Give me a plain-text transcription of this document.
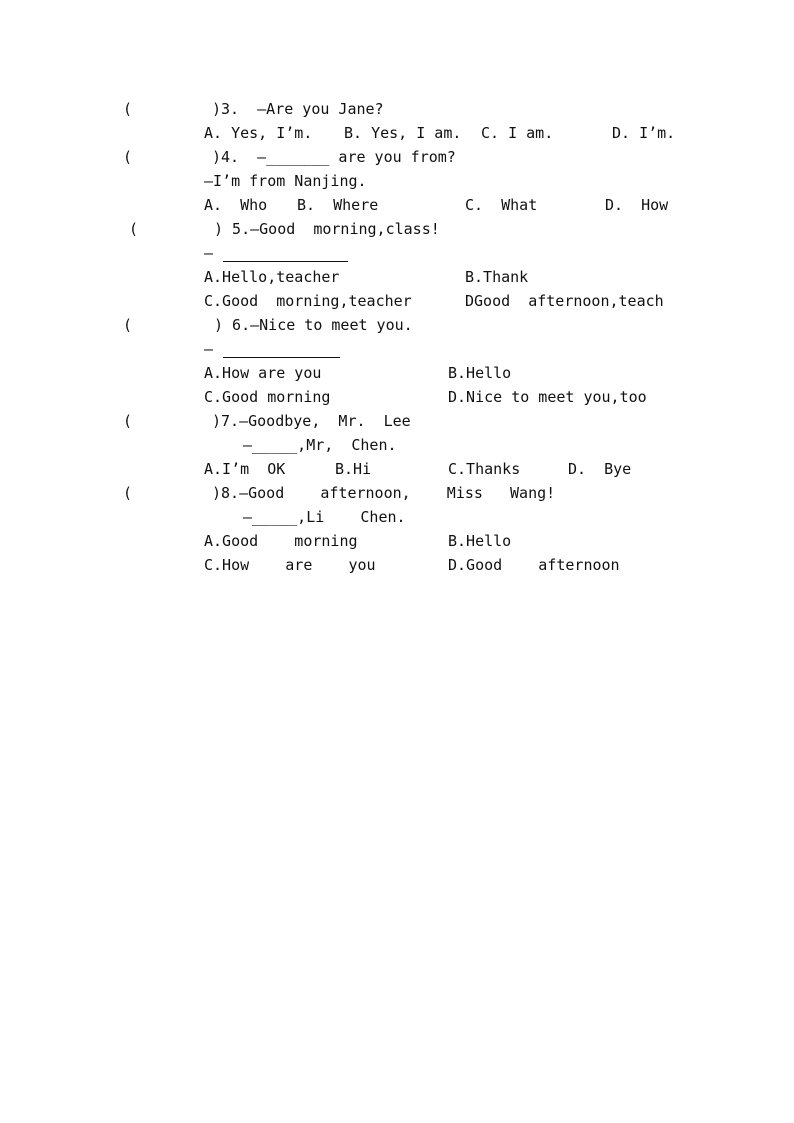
(	)3.  —Are you Jane?
A. Yes, I’m. B. Yes, I am. C. I am.	D. I’m.
(	)4.  —_______ are you from?
—I’m from Nanjing.
A.  Who B.  Where	C.  What	D.  How
(	) 5.—Good  morning,class!
—
A.Hello,teacher	B.Thank
C.Good  morning,teacher	DGood  afternoon,teach
(	) 6.—Nice to meet you.
—
A.How are you	B.Hello
C.Good morning	D.Nice to meet you,too
(	)7.—Goodbye,  Mr.  Lee
—_____,Mr,  Chen.
A.I’m  OK	B.Hi	C.Thanks	D.  Bye
(	)8.—Good    afternoon,    Miss   Wang!
—_____,Li    Chen.
A.Good    morning	B.Hello
C.How    are    you	D.Good    afternoon
